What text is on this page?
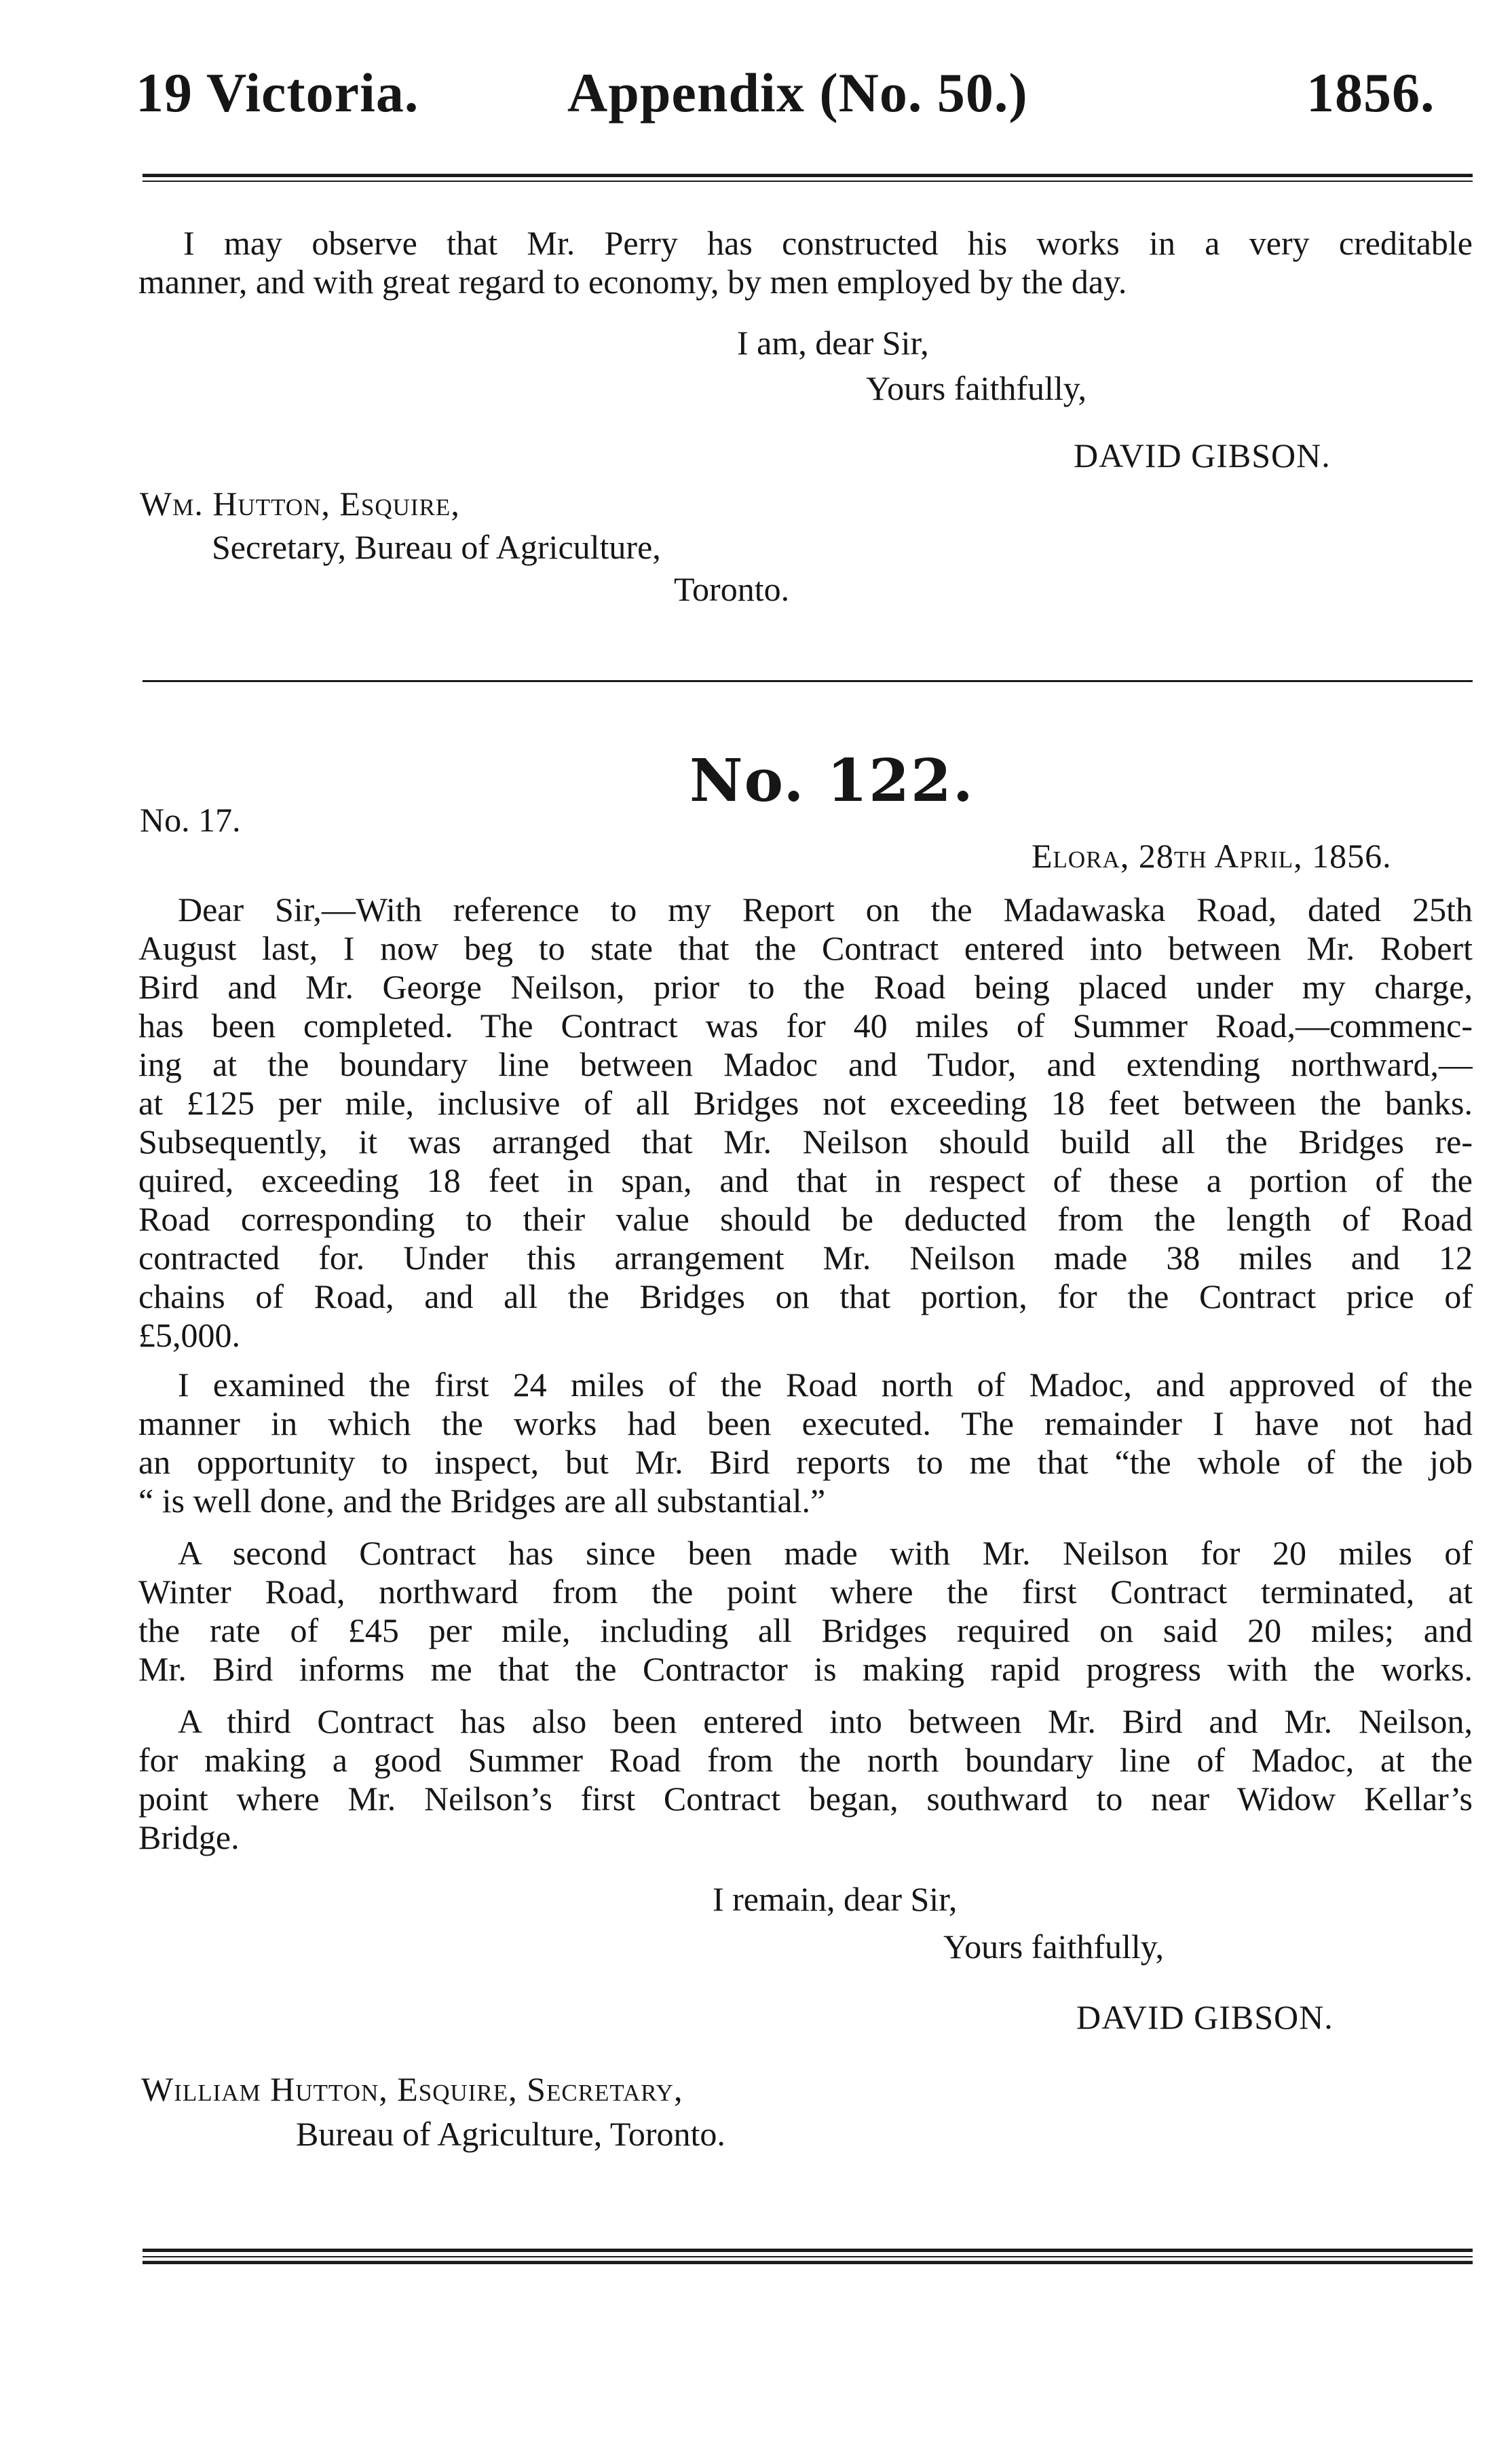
19 Victoria.	Appendix (No. 50.)	1856.
I may observe that Mr. Perry has constructed his works in a very creditable
manner, and with great regard to economy, by men employed by the day.
I am, dear Sir,
Yours faithfully,
DAVID GIBSON.
Wm. Hutton, Esquire,
Secretary, Bureau of Agriculture,
Toronto.
No. 122.
No. 17.
Elora, 28th April, 1856.
Dear Sir,—With reference to my Report on the Madawaska Road, dated 25th
August last, I now beg to state that the Contract entered into between Mr. Robert
Bird and Mr. George Neilson, prior to the Road being placed under my charge,
has been completed. The Contract was for 40 miles of Summer Road,—commenc-
ing at the boundary line between Madoc and Tudor, and extending northward,—
at £125 per mile, inclusive of all Bridges not exceeding 18 feet between the banks.
Subsequently, it was arranged that Mr. Neilson should build all the Bridges re-
quired, exceeding 18 feet in span, and that in respect of these a portion of the
Road corresponding to their value should be deducted from the length of Road
contracted for. Under this arrangement Mr. Neilson made 38 miles and 12
chains of Road, and all the Bridges on that portion, for the Contract price of
£5,000.
I examined the first 24 miles of the Road north of Madoc, and approved of the
manner in which the works had been executed. The remainder I have not had
an opportunity to inspect, but Mr. Bird reports to me that “the whole of the job
“ is well done, and the Bridges are all substantial.”
A second Contract has since been made with Mr. Neilson for 20 miles of
Winter Road, northward from the point where the first Contract terminated, at
the rate of £45 per mile, including all Bridges required on said 20 miles; and
Mr. Bird informs me that the Contractor is making rapid progress with the works.
A third Contract has also been entered into between Mr. Bird and Mr. Neilson,
for making a good Summer Road from the north boundary line of Madoc, at the
point where Mr. Neilson’s first Contract began, southward to near Widow Kellar’s
Bridge.
I remain, dear Sir,
Yours faithfully,
DAVID GIBSON.
William Hutton, Esquire, Secretary,
Bureau of Agriculture, Toronto.
